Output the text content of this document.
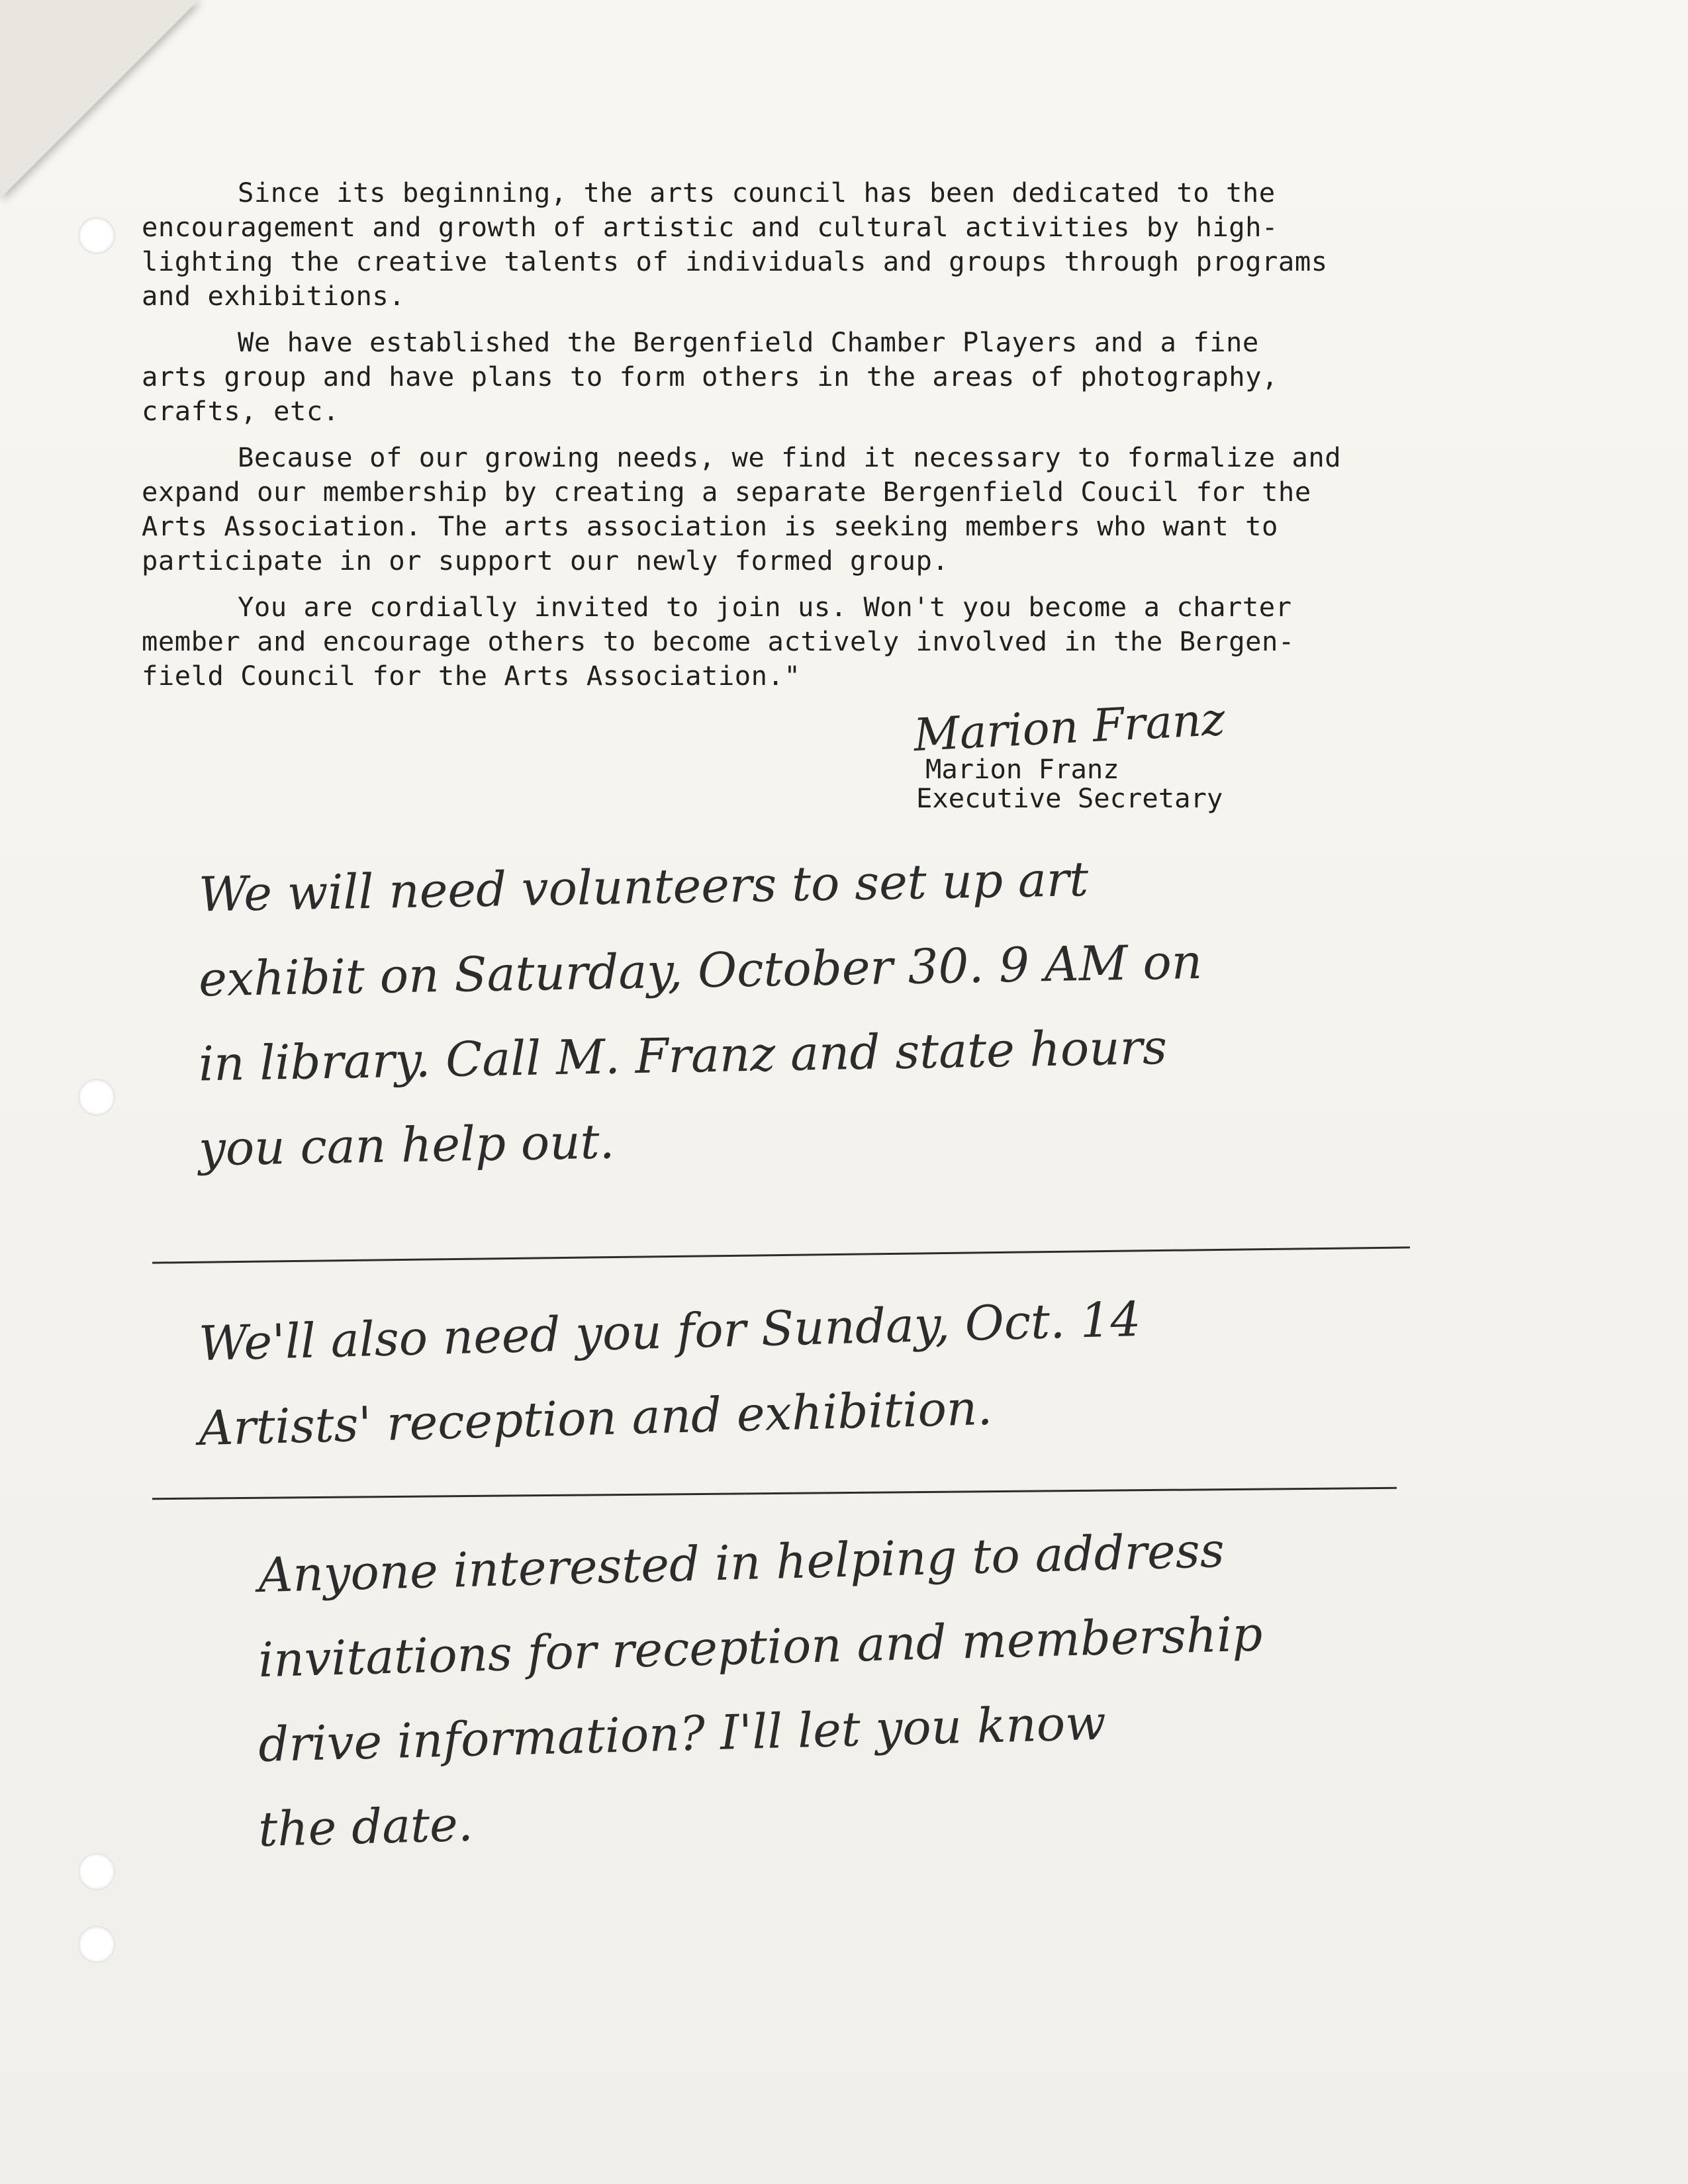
Since its beginning, the arts council has been dedicated to the
encouragement and growth of artistic and cultural activities by high-
lighting the creative talents of individuals and groups through programs
and exhibitions.

We have established the Bergenfield Chamber Players and a fine
arts group and have plans to form others in the areas of photography,
crafts, etc.

Because of our growing needs, we find it necessary to formalize and
expand our membership by creating a separate Bergenfield Coucil for the
Arts Association. The arts association is seeking members who want to
participate in or support our newly formed group.

You are cordially invited to join us. Won't you become a charter
member and encourage others to become actively involved in the Bergen-
field Council for the Arts Association."

Marion Franz
Marion Franz
Executive Secretary
We will need volunteers to set up art
exhibit on Saturday, October 30. 9 AM on
in library. Call M. Franz and state hours
you can help out.
We'll also need you for Sunday, Oct. 14
Artists' reception and exhibition.
Anyone interested in helping to address
invitations for reception and membership
drive information? I'll let you know
the date.
